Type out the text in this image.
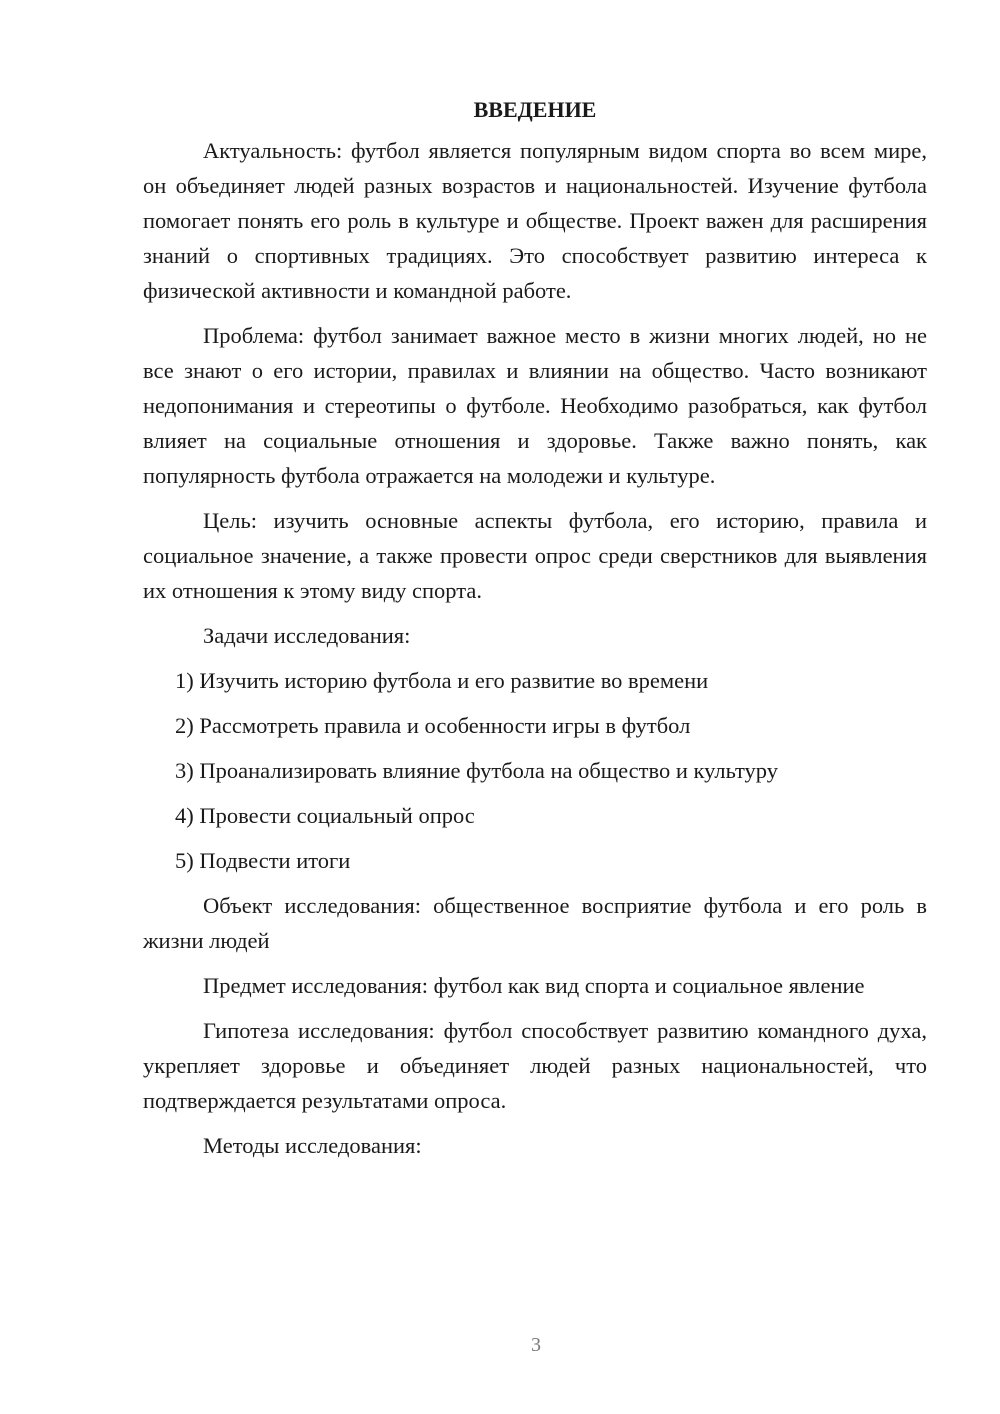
ВВЕДЕНИЕ

Актуальность: футбол является популярным видом спорта во всем мире, он объединяет людей разных возрастов и национальностей. Изучение футбола помогает понять его роль в культуре и обществе. Проект важен для расширения знаний о спортивных традициях. Это способствует развитию интереса к физической активности и командной работе.

Проблема: футбол занимает важное место в жизни многих людей, но не все знают о его истории, правилах и влиянии на общество. Часто возникают недопонимания и стереотипы о футболе. Необходимо разобраться, как футбол влияет на социальные отношения и здоровье. Также важно понять, как популярность футбола отражается на молодежи и культуре.

Цель: изучить основные аспекты футбола, его историю, правила и социальное значение, а также провести опрос среди сверстников для выявления их отношения к этому виду спорта.

Задачи исследования:

1) Изучить историю футбола и его развитие во времени

2) Рассмотреть правила и особенности игры в футбол

3) Проанализировать влияние футбола на общество и культуру

4) Провести социальный опрос

5) Подвести итоги

Объект исследования: общественное восприятие футбола и его роль в жизни людей

Предмет исследования: футбол как вид спорта и социальное явление

Гипотеза исследования: футбол способствует развитию командного духа, укрепляет здоровье и объединяет людей разных национальностей, что подтверждается результатами опроса.

Методы исследования:

3
